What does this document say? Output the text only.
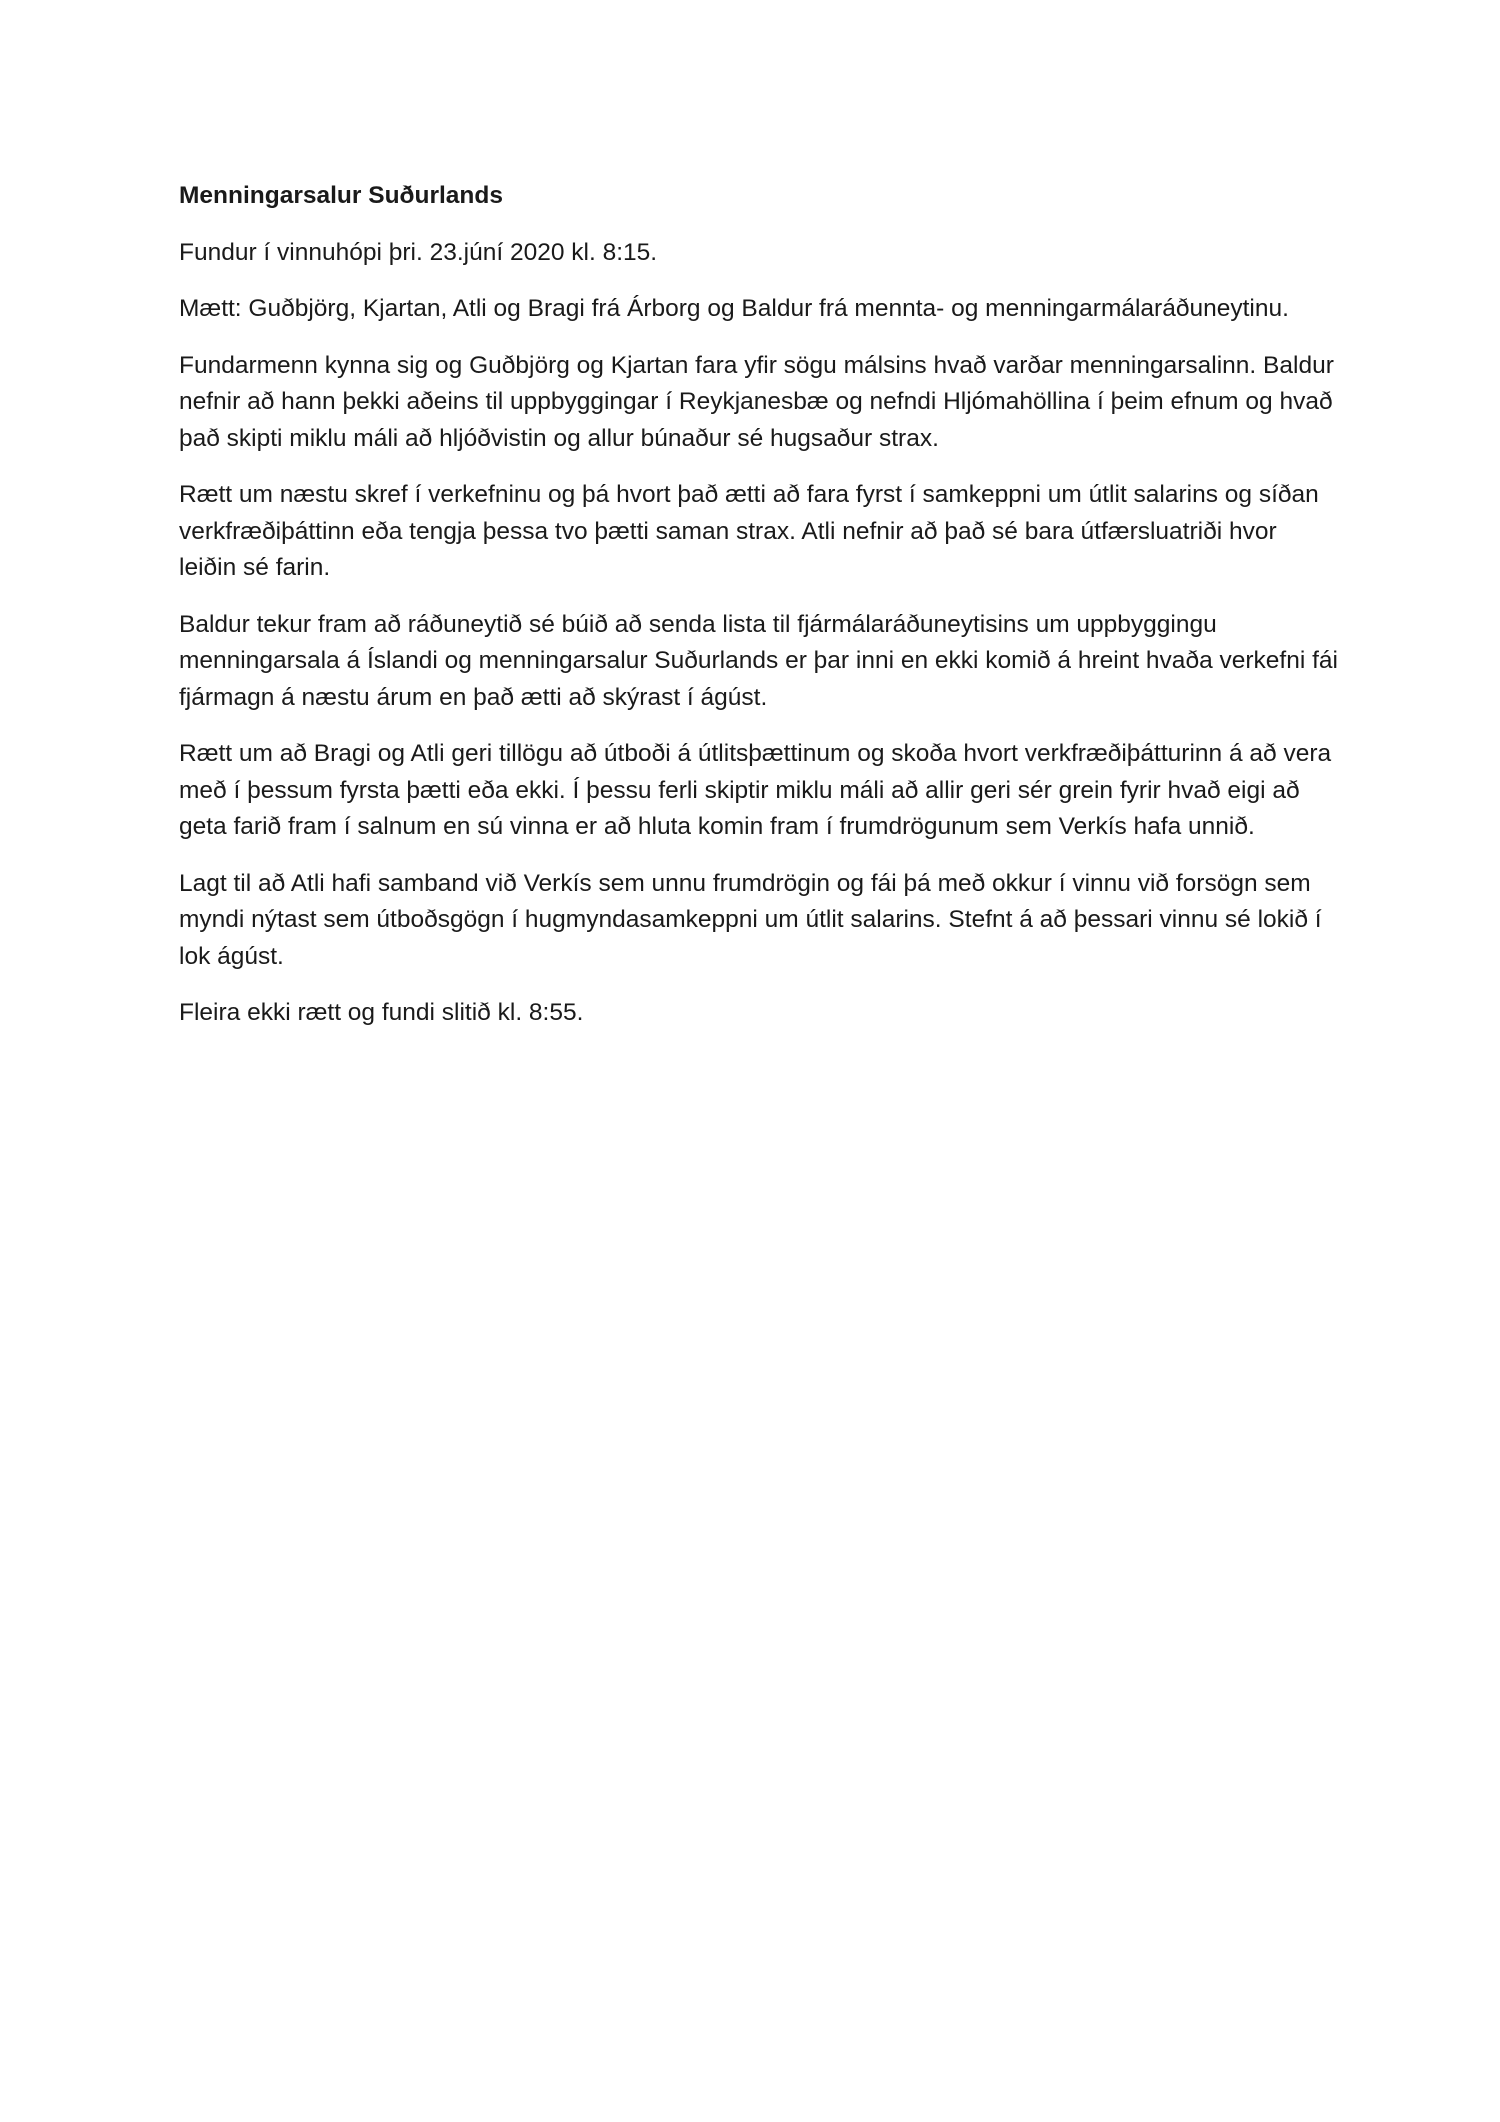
Menningarsalur Suðurlands

Fundur í vinnuhópi þri. 23.júní 2020 kl. 8:15.

Mætt: Guðbjörg, Kjartan, Atli og Bragi frá Árborg og Baldur frá mennta- og menningarmálaráðuneytinu.

Fundarmenn kynna sig og Guðbjörg og Kjartan fara yfir sögu málsins hvað varðar menningarsalinn. Baldur nefnir að hann þekki aðeins til uppbyggingar í Reykjanesbæ og nefndi Hljómahöllina í þeim efnum og hvað það skipti miklu máli að hljóðvistin og allur búnaður sé hugsaður strax.

Rætt um næstu skref í verkefninu og þá hvort það ætti að fara fyrst í samkeppni um útlit salarins og síðan verkfræðiþáttinn eða tengja þessa tvo þætti saman strax. Atli nefnir að það sé bara útfærsluatriði hvor leiðin sé farin.

Baldur tekur fram að ráðuneytið sé búið að senda lista til fjármálaráðuneytisins um uppbyggingu menningarsala á Íslandi og menningarsalur Suðurlands er þar inni en ekki komið á hreint hvaða verkefni fái fjármagn á næstu árum en það ætti að skýrast í ágúst.

Rætt um að Bragi og Atli geri tillögu að útboði á útlitsþættinum og skoða hvort verkfræðiþátturinn á að vera með í þessum fyrsta þætti eða ekki. Í þessu ferli skiptir miklu máli að allir geri sér grein fyrir hvað eigi að geta farið fram í salnum en sú vinna er að hluta komin fram í frumdrögunum sem Verkís hafa unnið.

Lagt til að Atli hafi samband við Verkís sem unnu frumdrögin og fái þá með okkur í vinnu við forsögn sem myndi nýtast sem útboðsgögn í hugmyndasamkeppni um útlit salarins. Stefnt á að þessari vinnu sé lokið í lok ágúst.

Fleira ekki rætt og fundi slitið kl. 8:55.
